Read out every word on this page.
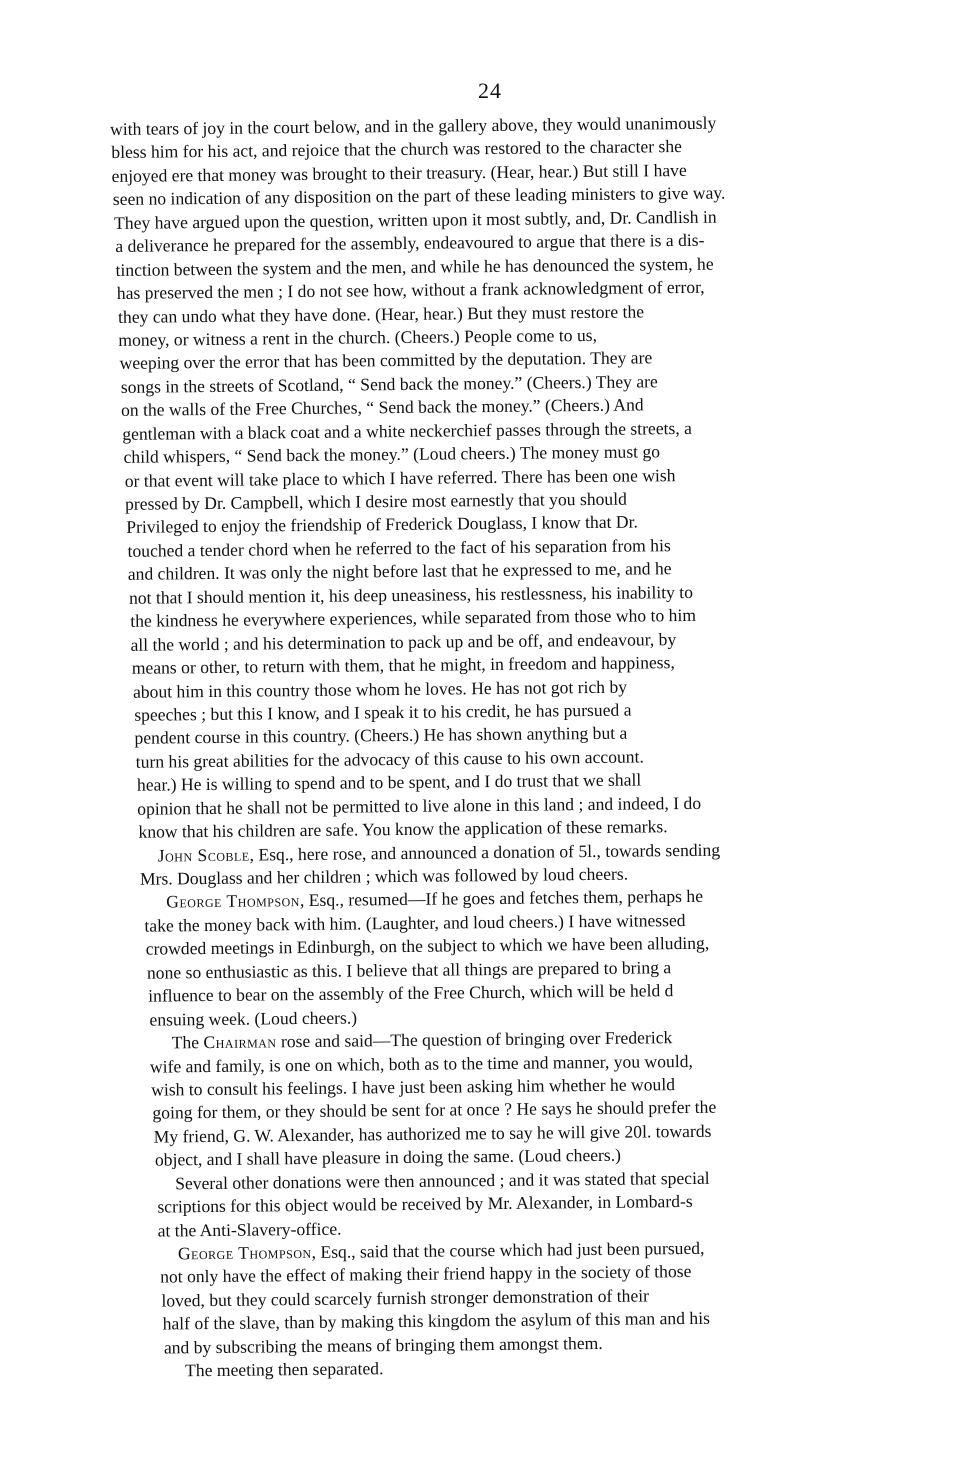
24
with tears of joy in the court below, and in the gallery above, they would unanimously
bless him for his act, and rejoice that the church was restored to the character she
enjoyed ere that money was brought to their treasury. (Hear, hear.) But still I have
seen no indication of any disposition on the part of these leading ministers to give way.
They have argued upon the question, written upon it most subtly, and, Dr. Candlish in
a deliverance he prepared for the assembly, endeavoured to argue that there is a dis-
tinction between the system and the men, and while he has denounced the system, he
has preserved the men ; I do not see how, without a frank acknowledgment of error,
they can undo what they have done. (Hear, hear.) But they must restore the
money, or witness a rent in the church. (Cheers.) People come to us,
weeping over the error that has been committed by the deputation. They are
songs in the streets of Scotland, “ Send back the money.” (Cheers.) They are
on the walls of the Free Churches, “ Send back the money.” (Cheers.) And
gentleman with a black coat and a white neckerchief passes through the streets, a
child whispers, “ Send back the money.” (Loud cheers.) The money must go
or that event will take place to which I have referred. There has been one wish
pressed by Dr. Campbell, which I desire most earnestly that you should
Privileged to enjoy the friendship of Frederick Douglass, I know that Dr.
touched a tender chord when he referred to the fact of his separation from his
and children. It was only the night before last that he expressed to me, and he
not that I should mention it, his deep uneasiness, his restlessness, his inability to
the kindness he everywhere experiences, while separated from those who to him
all the world ; and his determination to pack up and be off, and endeavour, by
means or other, to return with them, that he might, in freedom and happiness,
about him in this country those whom he loves. He has not got rich by
speeches ; but this I know, and I speak it to his credit, he has pursued a
pendent course in this country. (Cheers.) He has shown anything but a
turn his great abilities for the advocacy of this cause to his own account.
hear.) He is willing to spend and to be spent, and I do trust that we shall
opinion that he shall not be permitted to live alone in this land ; and indeed, I do
know that his children are safe. You know the application of these remarks.
John Scoble, Esq., here rose, and announced a donation of 5l., towards sending
Mrs. Douglass and her children ; which was followed by loud cheers.
George Thompson, Esq., resumed—If he goes and fetches them, perhaps he
take the money back with him. (Laughter, and loud cheers.) I have witnessed
crowded meetings in Edinburgh, on the subject to which we have been alluding,
none so enthusiastic as this. I believe that all things are prepared to bring a
influence to bear on the assembly of the Free Church, which will be held d
ensuing week. (Loud cheers.)
The Chairman rose and said—The question of bringing over Frederick
wife and family, is one on which, both as to the time and manner, you would,
wish to consult his feelings. I have just been asking him whether he would
going for them, or they should be sent for at once ? He says he should prefer the
My friend, G. W. Alexander, has authorized me to say he will give 20l. towards
object, and I shall have pleasure in doing the same. (Loud cheers.)
Several other donations were then announced ; and it was stated that special
scriptions for this object would be received by Mr. Alexander, in Lombard-s
at the Anti-Slavery-office.
George Thompson, Esq., said that the course which had just been pursued,
not only have the effect of making their friend happy in the society of those
loved, but they could scarcely furnish stronger demonstration of their
half of the slave, than by making this kingdom the asylum of this man and his
and by subscribing the means of bringing them amongst them.
The meeting then separated.
